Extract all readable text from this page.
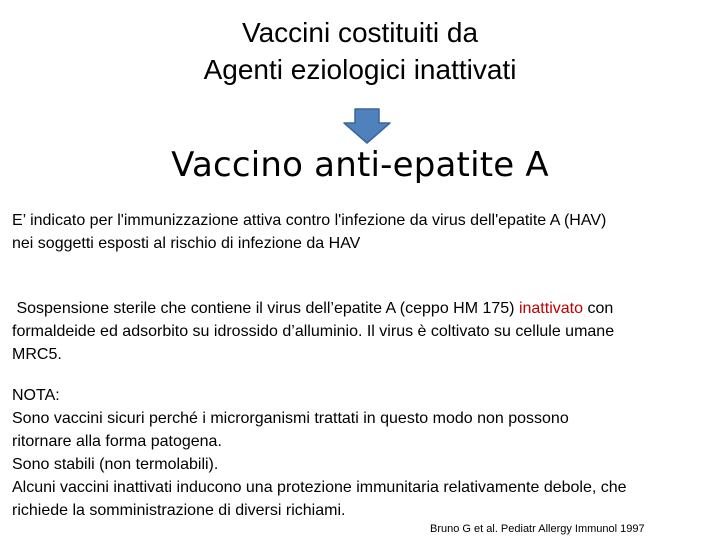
Vaccini costituiti da
Agenti eziologici inattivati
Vaccino anti-epatite A
E’ indicato per l'immunizzazione attiva contro l'infezione da virus dell'epatite A (HAV)
nei soggetti esposti al rischio di infezione da HAV
Sospensione sterile che contiene il virus dell’epatite A (ceppo HM 175) inattivato con
formaldeide ed adsorbito su idrossido d’alluminio. Il virus è coltivato su cellule umane
MRC5.
NOTA:
Sono vaccini sicuri perché i microrganismi trattati in questo modo non possono
ritornare alla forma patogena.
Sono stabili (non termolabili).
Alcuni vaccini inattivati inducono una protezione immunitaria relativamente debole, che
richiede la somministrazione di diversi richiami.
Bruno G et al. Pediatr Allergy Immunol 1997
